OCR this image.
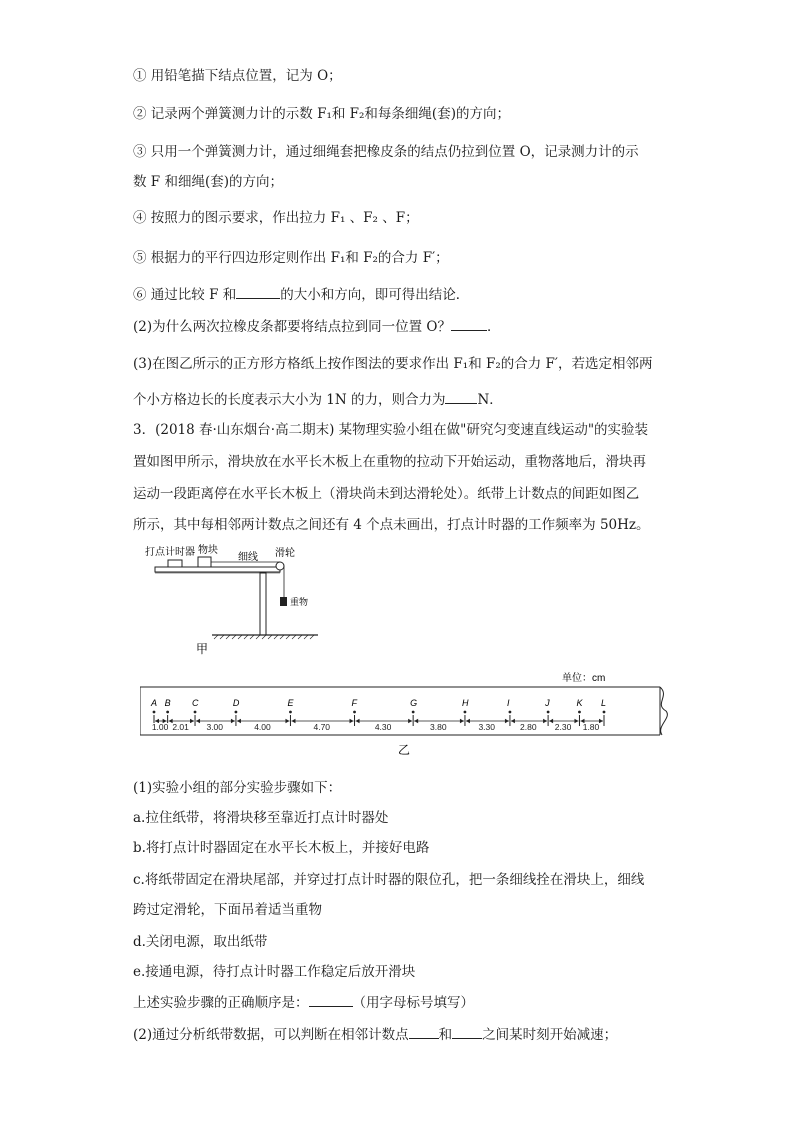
① 用铅笔描下结点位置，记为 O；
② 记录两个弹簧测力计的示数 F₁和 F₂和每条细绳(套)的方向；
③ 只用一个弹簧测力计，通过细绳套把橡皮条的结点仍拉到位置 O，记录测力计的示
数 F 和细绳(套)的方向；
④ 按照力的图示要求，作出拉力 F₁ 、F₂ 、F；
⑤ 根据力的平行四边形定则作出 F₁和 F₂的合力 F′；
⑥ 通过比较 F 和	的大小和方向，即可得出结论．
(2)为什么两次拉橡皮条都要将结点拉到同一位置 O？	．
(3)在图乙所示的正方形方格纸上按作图法的要求作出 F₁和 F₂的合力 F′，若选定相邻两
个小方格边长的长度表示大小为 1N 的力，则合力为 N．
3．(2018 春·山东烟台·高二期末) 某物理实验小组在做"研究匀变速直线运动"的实验装
置如图甲所示，滑块放在水平长木板上在重物的拉动下开始运动，重物落地后，滑块再
运动一段距离停在水平长木板上（滑块尚未到达滑轮处）。纸带上计数点的间距如图乙
所示，其中每相邻两计数点之间还有 4 个点未画出，打点计时器的工作频率为 50Hz。
打点计时器 物块
细线 滑轮
重物
甲
单位：cm
A B C	D	E	F	G	H	I	J	K L
1.00 2.01 3.00	4.00	4.70	4.30	3.80	3.30	2.80 2.30 1.80
乙
(1)实验小组的部分实验步骤如下：
a.拉住纸带，将滑块移至靠近打点计时器处
b.将打点计时器固定在水平长木板上，并接好电路
c.将纸带固定在滑块尾部，并穿过打点计时器的限位孔，把一条细线拴在滑块上，细线
跨过定滑轮，下面吊着适当重物
d.关闭电源，取出纸带
e.接通电源，待打点计时器工作稳定后放开滑块
上述实验步骤的正确顺序是：	（用字母标号填写）
(2)通过分析纸带数据，可以判断在相邻计数点 和 之间某时刻开始减速；
